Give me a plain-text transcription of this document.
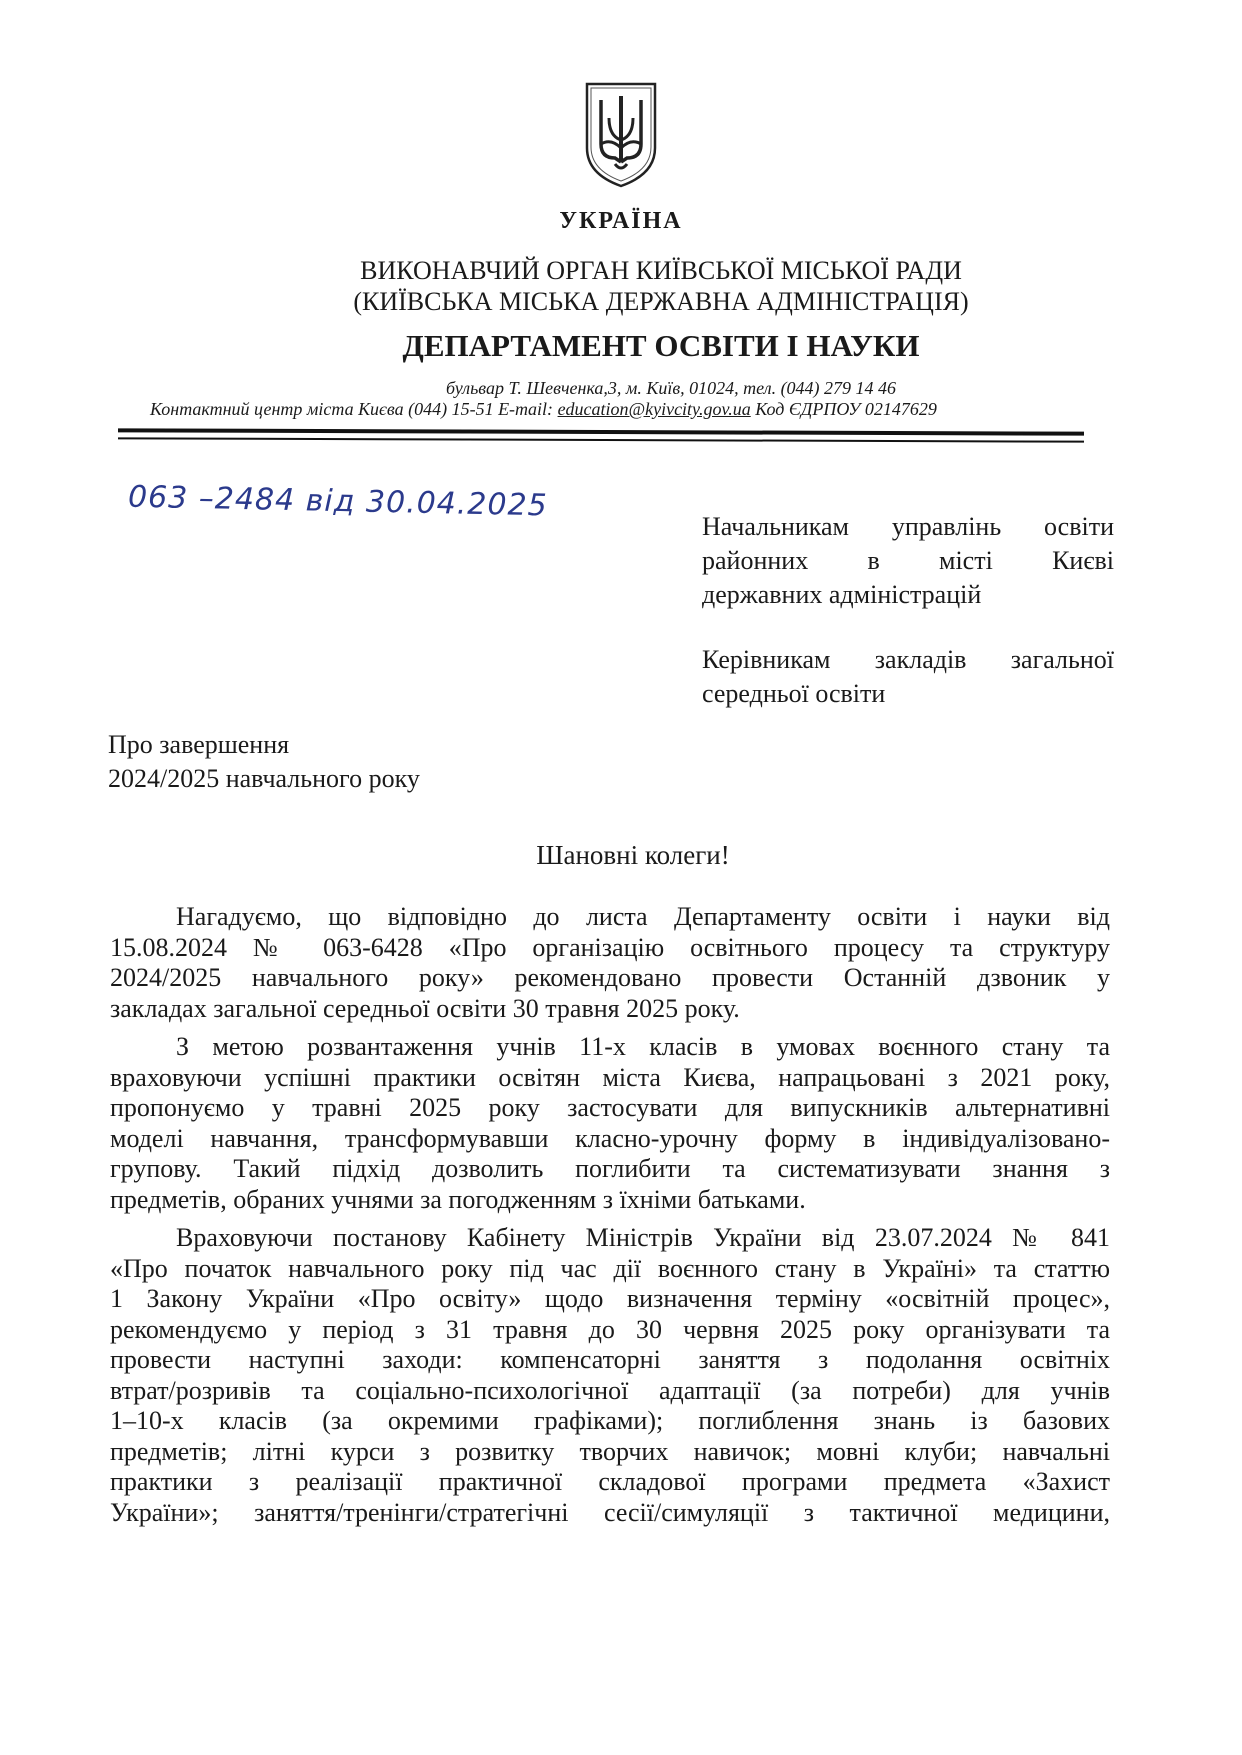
УКРАЇНА
ВИКОНАВЧИЙ ОРГАН КИЇВСЬКОЇ МІСЬКОЇ РАДИ
(КИЇВСЬКА МІСЬКА ДЕРЖАВНА АДМІНІСТРАЦІЯ)
ДЕПАРТАМЕНТ ОСВІТИ І НАУКИ
бульвар Т. Шевченка,3, м. Київ, 01024, тел. (044) 279 14 46
Контактний центр міста Києва (044) 15-51 E-mail: education@kyivcity.gov.ua Код ЄДРПОУ 02147629
063 –2484 від 30.04.2025
Начальникам управлінь освіти
районних в місті Києві
державних адміністрацій
Керівникам закладів загальної
середньої освіти
Про завершення
2024/2025 навчального року
Шановні колеги!
Нагадуємо, що відповідно до листа Департаменту освіти і науки від
15.08.2024 № 063-6428 «Про організацію освітнього процесу та структуру
2024/2025 навчального року» рекомендовано провести Останній дзвоник у
закладах загальної середньої освіти 30 травня 2025 року.
З метою розвантаження учнів 11-х класів в умовах воєнного стану та
враховуючи успішні практики освітян міста Києва, напрацьовані з 2021 року,
пропонуємо у травні 2025 року застосувати для випускників альтернативні
моделі навчання, трансформувавши класно-урочну форму в індивідуалізовано-
групову. Такий підхід дозволить поглибити та систематизувати знання з
предметів, обраних учнями за погодженням з їхніми батьками.
Враховуючи постанову Кабінету Міністрів України від 23.07.2024 № 841
«Про початок навчального року під час дії воєнного стану в Україні» та статтю
1 Закону України «Про освіту» щодо визначення терміну «освітній процес»,
рекомендуємо у період з 31 травня до 30 червня 2025 року організувати та
провести наступні заходи: компенсаторні заняття з подолання освітніх
втрат/розривів та соціально-психологічної адаптації (за потреби) для учнів
1–10-х класів (за окремими графіками); поглиблення знань із базових
предметів; літні курси з розвитку творчих навичок; мовні клуби; навчальні
практики з реалізації практичної складової програми предмета «Захист
України»; заняття/тренінги/стратегічні сесії/симуляції з тактичної медицини,
